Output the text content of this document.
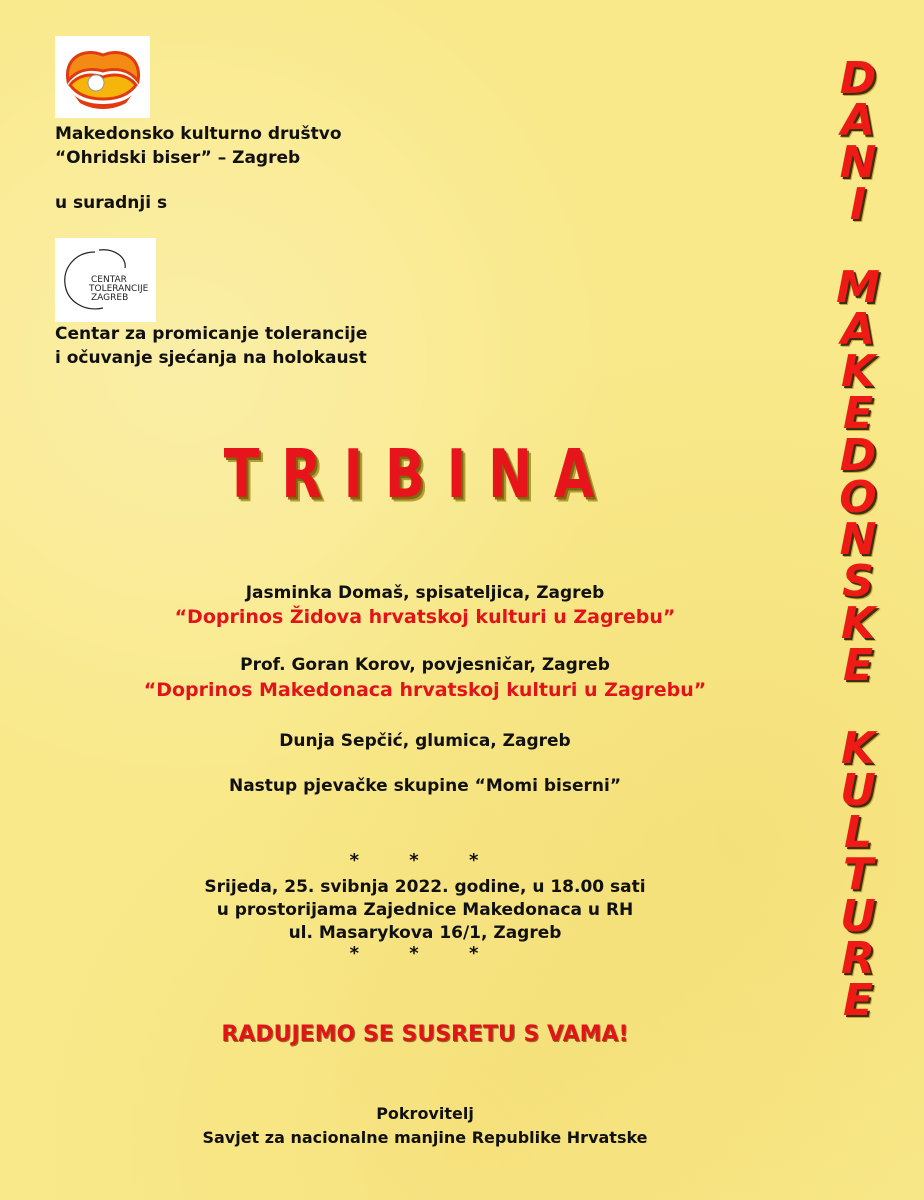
Makedonsko kulturno društvo
“Ohridski biser” – Zagreb
u suradnji s
CENTAR
TOLERANCIJE
ZAGREB
Centar za promicanje tolerancije
i očuvanje sjećanja na holokaust
TRIBINA
Jasminka Domaš, spisateljica, Zagreb
“Doprinos Židova hrvatskoj kulturi u Zagrebu”
Prof. Goran Korov, povjesničar, Zagreb
“Doprinos Makedonaca hrvatskoj kulturi u Zagrebu”
Dunja Sepčić, glumica, Zagreb
Nastup pjevačke skupine “Momi biserni”
* * *
Srijeda, 25. svibnja 2022. godine, u 18.00 sati
u prostorijama Zajednice Makedonaca u RH
ul. Masarykova 16/1, Zagreb
* * *
RADUJEMO SE SUSRETU S VAMA!
Pokrovitelj
Savjet za nacionalne manjine Republike Hrvatske
D
A
N
I
M
A
K
E
D
O
N
S
K
E
K
U
L
T
U
R
E
